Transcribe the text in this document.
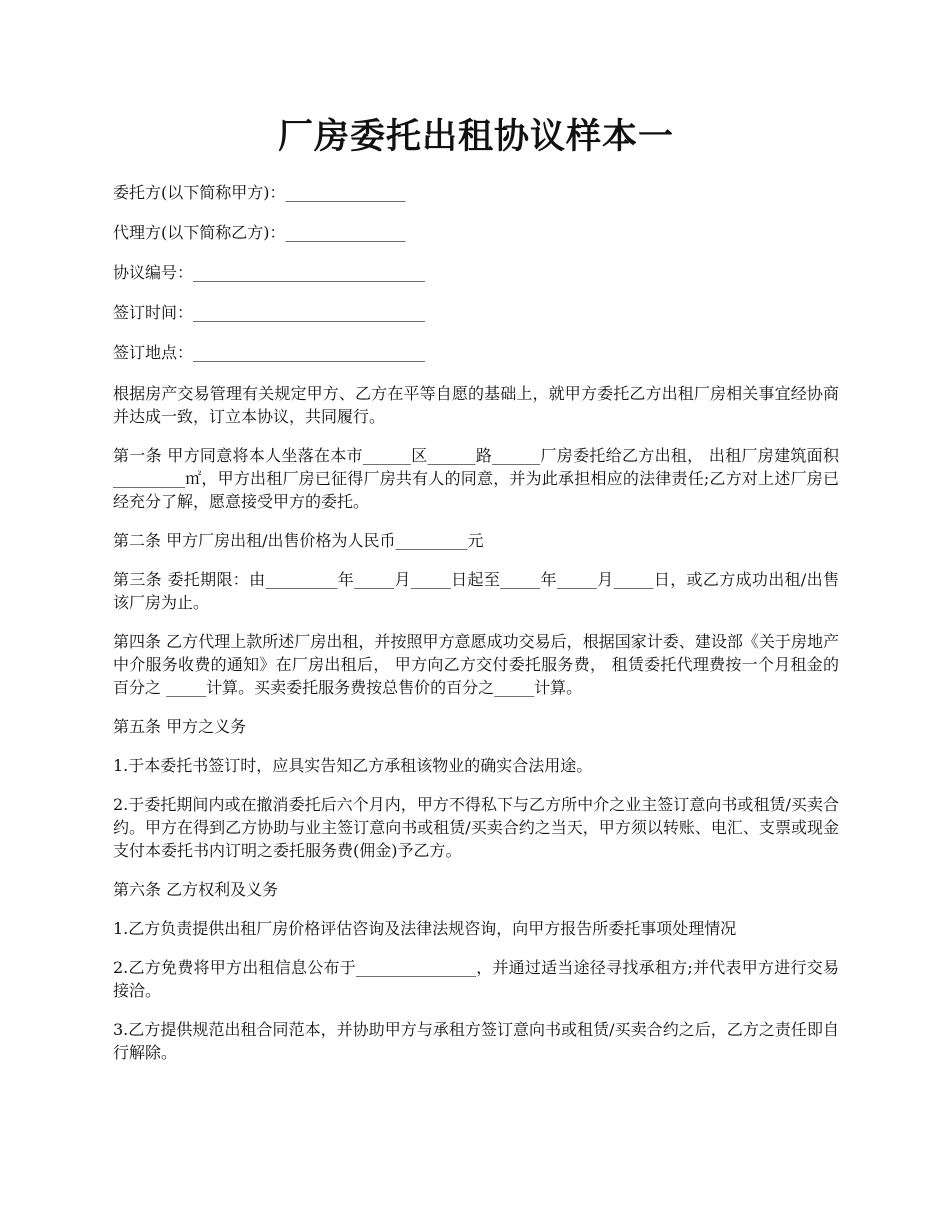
厂房委托出租协议样本一

委托方(以下简称甲方)：_______________

代理方(以下简称乙方)：_______________

协议编号：_____________________________

签订时间：_____________________________

签订地点：_____________________________

根据房产交易管理有关规定甲方、乙方在平等自愿的基础上，就甲方委托乙方出租厂房相关事宜经协商并达成一致，订立本协议，共同履行。

第一条 甲方同意将本人坐落在本市______区______路______厂房委托给乙方出租， 出租厂房建筑面积_________㎡，甲方出租厂房已征得厂房共有人的同意，并为此承担相应的法律责任;乙方对上述厂房已经充分了解，愿意接受甲方的委托。

第二条 甲方厂房出租/出售价格为人民币_________元

第三条 委托期限：由_________年_____月_____日起至_____年_____月_____日，或乙方成功出租/出售该厂房为止。

第四条 乙方代理上款所述厂房出租，并按照甲方意愿成功交易后，根据国家计委、建设部《关于房地产中介服务收费的通知》在厂房出租后， 甲方向乙方交付委托服务费， 租赁委托代理费按一个月租金的百分之 _____计算。买卖委托服务费按总售价的百分之_____计算。

第五条 甲方之义务

1.于本委托书签订时，应具实告知乙方承租该物业的确实合法用途。

2.于委托期间内或在撤消委托后六个月内，甲方不得私下与乙方所中介之业主签订意向书或租赁/买卖合约。甲方在得到乙方协助与业主签订意向书或租赁/买卖合约之当天，甲方须以转账、电汇、支票或现金支付本委托书内订明之委托服务费(佣金)予乙方。

第六条 乙方权利及义务

1.乙方负责提供出租厂房价格评估咨询及法律法规咨询，向甲方报告所委托事项处理情况

2.乙方免费将甲方出租信息公布于_______________，并通过适当途径寻找承租方;并代表甲方进行交易接洽。

3.乙方提供规范出租合同范本，并协助甲方与承租方签订意向书或租赁/买卖合约之后，乙方之责任即自行解除。
